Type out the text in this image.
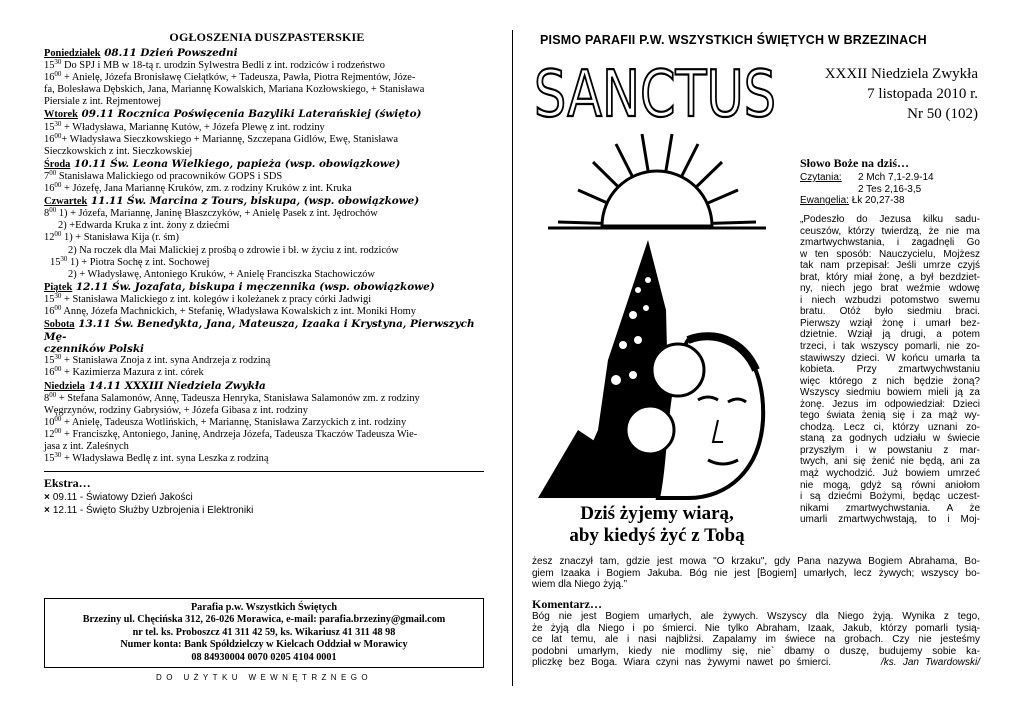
OGŁOSZENIA DUSZPASTERSKIE
Poniedziałek 08.11 Dzień Powszedni
$15^{30}$ Do SPJ i MB w 18-tą r. urodzin Sylwestra Bedli z int. rodziców i rodzeństwo
$16^{00}$ + Anielę, Józefa Bronisławę Ciełątków, + Tadeusza, Pawła, Piotra Rejmentów, Józe-
fa, Bolesława Dębskich, Jana, Mariannę Kowalskich, Mariana Kozłowskiego, + Stanisława
Piersiale z int. Rejmentowej
Wtorek 09.11 Rocznica Poświęcenia Bazyliki Laterańskiej (święto)
$15^{30}$ + Władysława, Mariannę Kutów, + Józefa Plewę z int. rodziny
$16^{00}+$ Władysława Sieczkowskiego + Mariannę, Szczepana Gidlów, Ewę, Stanisława
Sieczkowskich z int. Sieczkowskiej
Środa 10.11 Św. Leona Wielkiego, papieża (wsp. obowiązkowe)
$7^{00}$ Stanisława Malickiego od pracowników GOPS i SDS
$16^{00}$ + Józefę, Jana Mariannę Kruków, zm. z rodziny Kruków z int. Kruka
Czwartek 11.11 Św. Marcina z Tours, biskupa, (wsp. obowiązkowe)
$8^{00}$ 1) + Józefa, Mariannę, Janinę Błaszczyków, + Anielę Pasek z int. Jędrochów
2) +Edwarda Kruka z int. żony z dziećmi
$12^{00}$ 1) + Stanisława Kija (r. śm)
2) Na roczek dla Mai Malickiej z prośbą o zdrowie i bł. w życiu z int. rodziców
$15^{30}$ 1) + Piotra Sochę z int. Sochowej
2) + Władysławę, Antoniego Kruków, + Anielę Franciszka Stachowiczów
Piątek 12.11 Św. Jozafata, biskupa i męczennika (wsp. obowiązkowe)
$15^{30}$ + Stanisława Malickiego z int. kolegów i koleżanek z pracy córki Jadwigi
$16^{00}$ Annę, Józefa Machnickich, + Stefanię, Władysława Kowalskich z int. Moniki Homy
Sobota 13.11 Św. Benedykta, Jana, Mateusza, Izaaka i Krystyna, Pierwszych Mę-
czenników Polski
$15^{30}$ + Stanisława Znoja z int. syna Andrzeja z rodziną
$16^{00}$ + Kazimierza Mazura z int. córek
Niedziela 14.11 XXXIII Niedziela Zwykła
$8^{00}$ + Stefana Salamonów, Annę, Tadeusza Henryka, Stanisława Salamonów zm. z rodziny
Węgrzynów, rodziny Gabrysiów, + Józefa Gibasa z int. rodziny
$10^{00}$ + Anielę, Tadeusza Wotlińskich, + Mariannę, Stanisława Zarzyckich z int. rodziny
$12^{00}$ + Franciszkę, Antoniego, Janinę, Andrzeja Józefa, Tadeusza Tkaczów Tadeusza Wie-
jasa z int. Zaleśnych
$15^{30}$ + Władysława Bedlę z int. syna Leszka z rodziną
Ekstra…
× 09.11 - Światowy Dzień Jakości
× 12.11 - Święto Służby Uzbrojenia i Elektroniki
Parafia p.w. Wszystkich Świętych
Brzeziny ul. Chęcińska 312, 26-026 Morawica, e-mail: parafia.brzeziny@gmail.com
nr tel. ks. Proboszcz 41 311 42 59, ks. Wikariusz 41 311 48 98
Numer konta: Bank Spółdzielczy w Kielcach Oddział w Morawicy
08 84930004 0070 0205 4104 0001
DO UŻYTKU WEWNĘTRZNEGO
PISMO PARAFII P.W. WSZYSTKICH ŚWIĘTYCH W BRZEZINACH
SANCTUS	XXXII Niedziela Zwykła
7 listopada 2010 r.
Nr 50 (102)
Dziś żyjemy wiarą,
aby kiedyś żyć z Tobą
Słowo Boże na dziś…
Czytania: 2 Mch 7,1-2.9-14
2 Tes 2,16-3,5
Ewangelia: Łk 20,27-38
„Podeszło do Jezusa kilku sadu-
ceuszów, którzy twierdzą, że nie ma
zmartwychwstania, i zagadnęli Go
w ten sposób: Nauczycielu, Mojżesz
tak nam przepisał: Jeśli umrze czyjś
brat, który miał żonę, a był bezdziet-
ny, niech jego brat weźmie wdowę
i niech wzbudzi potomstwo swemu
bratu. Otóż było siedmiu braci.
Pierwszy wziął żonę i umarł bez-
dzietnie. Wziął ją drugi, a potem
trzeci, i tak wszyscy pomarli, nie zo-
stawiwszy dzieci. W końcu umarła ta
kobieta. Przy zmartwychwstaniu
więc którego z nich będzie żoną?
Wszyscy siedmiu bowiem mieli ją za
żonę. Jezus im odpowiedział: Dzieci
tego świata żenią się i za mąż wy-
chodzą. Lecz ci, którzy uznani zo-
staną za godnych udziału w świecie
przyszłym i w powstaniu z mar-
twych, ani się żenić nie będą, ani za
mąż wychodzić. Już bowiem umrzeć
nie mogą, gdyż są równi aniołom
i są dziećmi Bożymi, będąc uczest-
nikami zmartwychwstania. A że
umarli zmartwychwstają, to i Moj-
żesz znaczył tam, gdzie jest mowa "O krzaku", gdy Pana nazywa Bogiem Abrahama, Bo-
giem Izaaka i Bogiem Jakuba. Bóg nie jest [Bogiem] umarłych, lecz żywych; wszyscy bo-
wiem dla Niego żyją.”
Komentarz…
Bóg nie jest Bogiem umarłych, ale żywych. Wszyscy dla Niego żyją. Wynika z tego,
że żyją dla Niego i po śmierci. Nie tylko Abraham, Izaak, Jakub, którzy pomarli tysią-
ce lat temu, ale i nasi najbliżsi. Zapalamy im świece na grobach. Czy nie jesteśmy
podobni umarłym, kiedy nie modlimy się, nie` dbamy o duszę, budujemy sobie ka-
pliczkę bez Boga. Wiara czyni nas żywymi nawet po śmierci.	/ks. Jan Twardowski/
